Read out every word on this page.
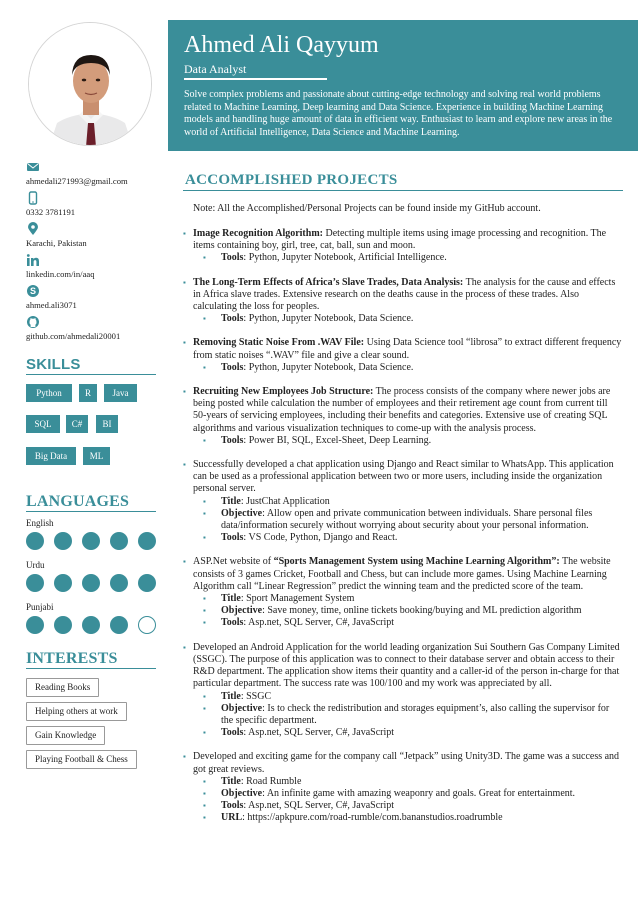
ahmedali271993@gmail.com
0332 3781191
Karachi, Pakistan
linkedin.com/in/aaq
S
ahmed.ali3071
github.com/ahmedali20001
SKILLS
Python	R	Java
SQL	C#	BI
Big Data	ML
LANGUAGES
English
Urdu
Punjabi
INTERESTS
Reading Books
Helping others at work
Gain Knowledge
Playing Football & Chess
Ahmed Ali Qayyum
Data Analyst
Solve complex problems and passionate about cutting-edge technology and solving real world problems related to Machine Learning, Deep learning and Data Science. Experience in building Machine Learning models and handling huge amount of data in efficient way. Enthusiast to learn and explore new areas in the world of Artificial Intelligence, Data Science and Machine Learning.
ACCOMPLISHED PROJECTS
Note: All the Accomplished/Personal Projects can be found inside my GitHub account.
▪ Image Recognition Algorithm: Detecting multiple items using image processing and recognition. The items containing boy, girl, tree, cat, ball, sun and moon.
▪ Tools: Python, Jupyter Notebook, Artificial Intelligence.
▪ The Long-Term Effects of Africa’s Slave Trades, Data Analysis: The analysis for the cause and effects in Africa slave trades. Extensive research on the deaths cause in the process of these trades. Also calculating the loss for peoples.
▪ Tools: Python, Jupyter Notebook, Data Science.
▪ Removing Static Noise From .WAV File: Using Data Science tool “librosa” to extract different frequency from static noises “.WAV” file and give a clear sound.
▪ Tools: Python, Jupyter Notebook, Data Science.
▪ Recruiting New Employees Job Structure: The process consists of the company where newer jobs are being posted while calculation the number of employees and their retirement age count from current till 50-years of servicing employees, including their benefits and categories. Extensive use of creating SQL algorithms and various visualization techniques to come-up with the analysis process.
▪ Tools: Power BI, SQL, Excel-Sheet, Deep Learning.
▪ Successfully developed a chat application using Django and React similar to WhatsApp. This application can be used as a professional application between two or more users, including inside the organization personal server.
▪ Title: JustChat Application
▪ Objective: Allow open and private communication between individuals. Share personal files data/information securely without worrying about security about your personal information.
▪ Tools: VS Code, Python, Django and React.
▪ ASP.Net website of “Sports Management System using Machine Learning Algorithm”: The website consists of 3 games Cricket, Football and Chess, but can include more games. Using Machine Learning Algorithm call “Linear Regression” predict the winning team and the predicted score of the team.
▪ Title: Sport Management System
▪ Objective: Save money, time, online tickets booking/buying and ML prediction algorithm
▪ Tools: Asp.net, SQL Server, C#, JavaScript
▪ Developed an Android Application for the world leading organization Sui Southern Gas Company Limited (SSGC). The purpose of this application was to connect to their database server and obtain access to their R&D department. The application show items their quantity and a caller-id of the person in-charge for that particular department. The success rate was 100/100 and my work was appreciated by all.
▪ Title: SSGC
▪ Objective: Is to check the redistribution and storages equipment’s, also calling the supervisor for the specific department.
▪ Tools: Asp.net, SQL Server, C#, JavaScript
▪ Developed and exciting game for the company call “Jetpack” using Unity3D. The game was a success and got great reviews.
▪ Title: Road Rumble
▪ Objective: An infinite game with amazing weaponry and goals. Great for entertainment.
▪ Tools: Asp.net, SQL Server, C#, JavaScript
▪ URL: https://apkpure.com/road-rumble/com.bananstudios.roadrumble
